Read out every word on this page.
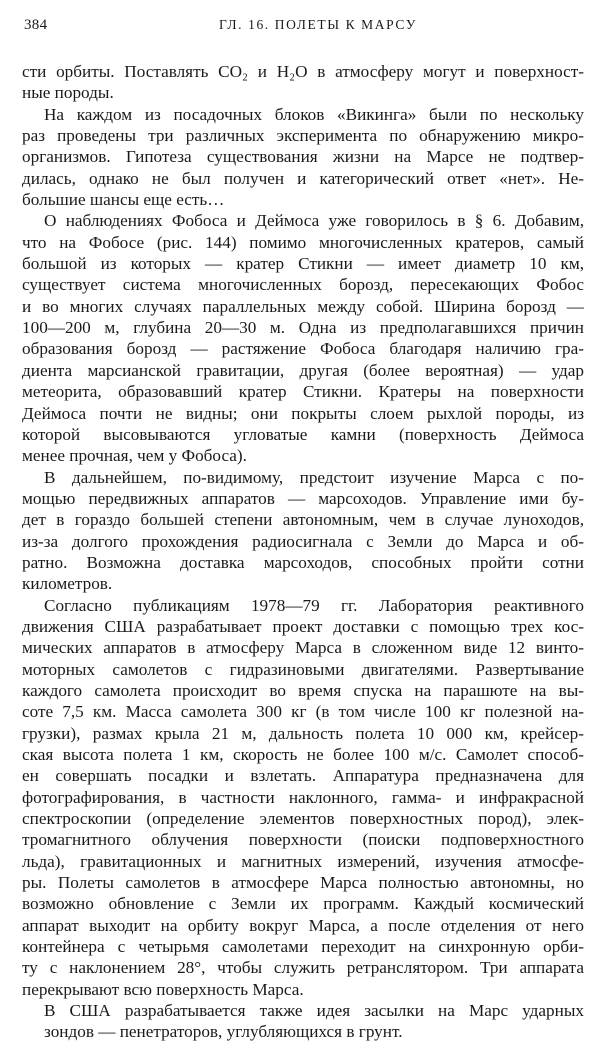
384	ГЛ. 16. ПОЛЕТЫ К МАРСУ
сти орбиты. Поставлять CO₂ и H₂O в атмосферу могут и поверхност-
ные породы.
На каждом из посадочных блоков «Викинга» были по нескольку
раз проведены три различных эксперимента по обнаружению микро-
организмов. Гипотеза существования жизни на Марсе не подтвер-
дилась, однако не был получен и категорический ответ «нет». Не-
большие шансы еще есть…
О наблюдениях Фобоса и Деймоса уже говорилось в § 6. Добавим,
что на Фобосе (рис. 144) помимо многочисленных кратеров, самый
большой из которых — кратер Стикни — имеет диаметр 10 км,
существует система многочисленных борозд, пересекающих Фобос
и во многих случаях параллельных между собой. Ширина борозд —
100—200 м, глубина 20—30 м. Одна из предполагавшихся причин
образования борозд — растяжение Фобоса благодаря наличию гра-
диента марсианской гравитации, другая (более вероятная) — удар
метеорита, образовавший кратер Стикни. Кратеры на поверхности
Деймоса почти не видны; они покрыты слоем рыхлой породы, из
которой высовываются угловатые камни (поверхность Деймоса
менее прочная, чем у Фобоса).
В дальнейшем, по-видимому, предстоит изучение Марса с по-
мощью передвижных аппаратов — марсоходов. Управление ими бу-
дет в гораздо большей степени автономным, чем в случае луноходов,
из-за долгого прохождения радиосигнала с Земли до Марса и об-
ратно. Возможна доставка марсоходов, способных пройти сотни
километров.
Согласно публикациям 1978—79 гг. Лаборатория реактивного
движения США разрабатывает проект доставки с помощью трех кос-
мических аппаратов в атмосферу Марса в сложенном виде 12 винто-
моторных самолетов с гидразиновыми двигателями. Развертывание
каждого самолета происходит во время спуска на парашюте на вы-
соте 7,5 км. Масса самолета 300 кг (в том числе 100 кг полезной на-
грузки), размах крыла 21 м, дальность полета 10 000 км, крейсер-
ская высота полета 1 км, скорость не более 100 м/с. Самолет способ-
ен совершать посадки и взлетать. Аппаратура предназначена для
фотографирования, в частности наклонного, гамма- и инфракрасной
спектроскопии (определение элементов поверхностных пород), элек-
тромагнитного облучения поверхности (поиски подповерхностного
льда), гравитационных и магнитных измерений, изучения атмосфе-
ры. Полеты самолетов в атмосфере Марса полностью автономны, но
возможно обновление с Земли их программ. Каждый космический
аппарат выходит на орбиту вокруг Марса, а после отделения от него
контейнера с четырьмя самолетами переходит на синхронную орби-
ту с наклонением 28°, чтобы служить ретранслятором. Три аппарата
перекрывают всю поверхность Марса.
В США разрабатывается также идея засылки на Марс ударных
зондов — пенетраторов, углубляющихся в грунт.
